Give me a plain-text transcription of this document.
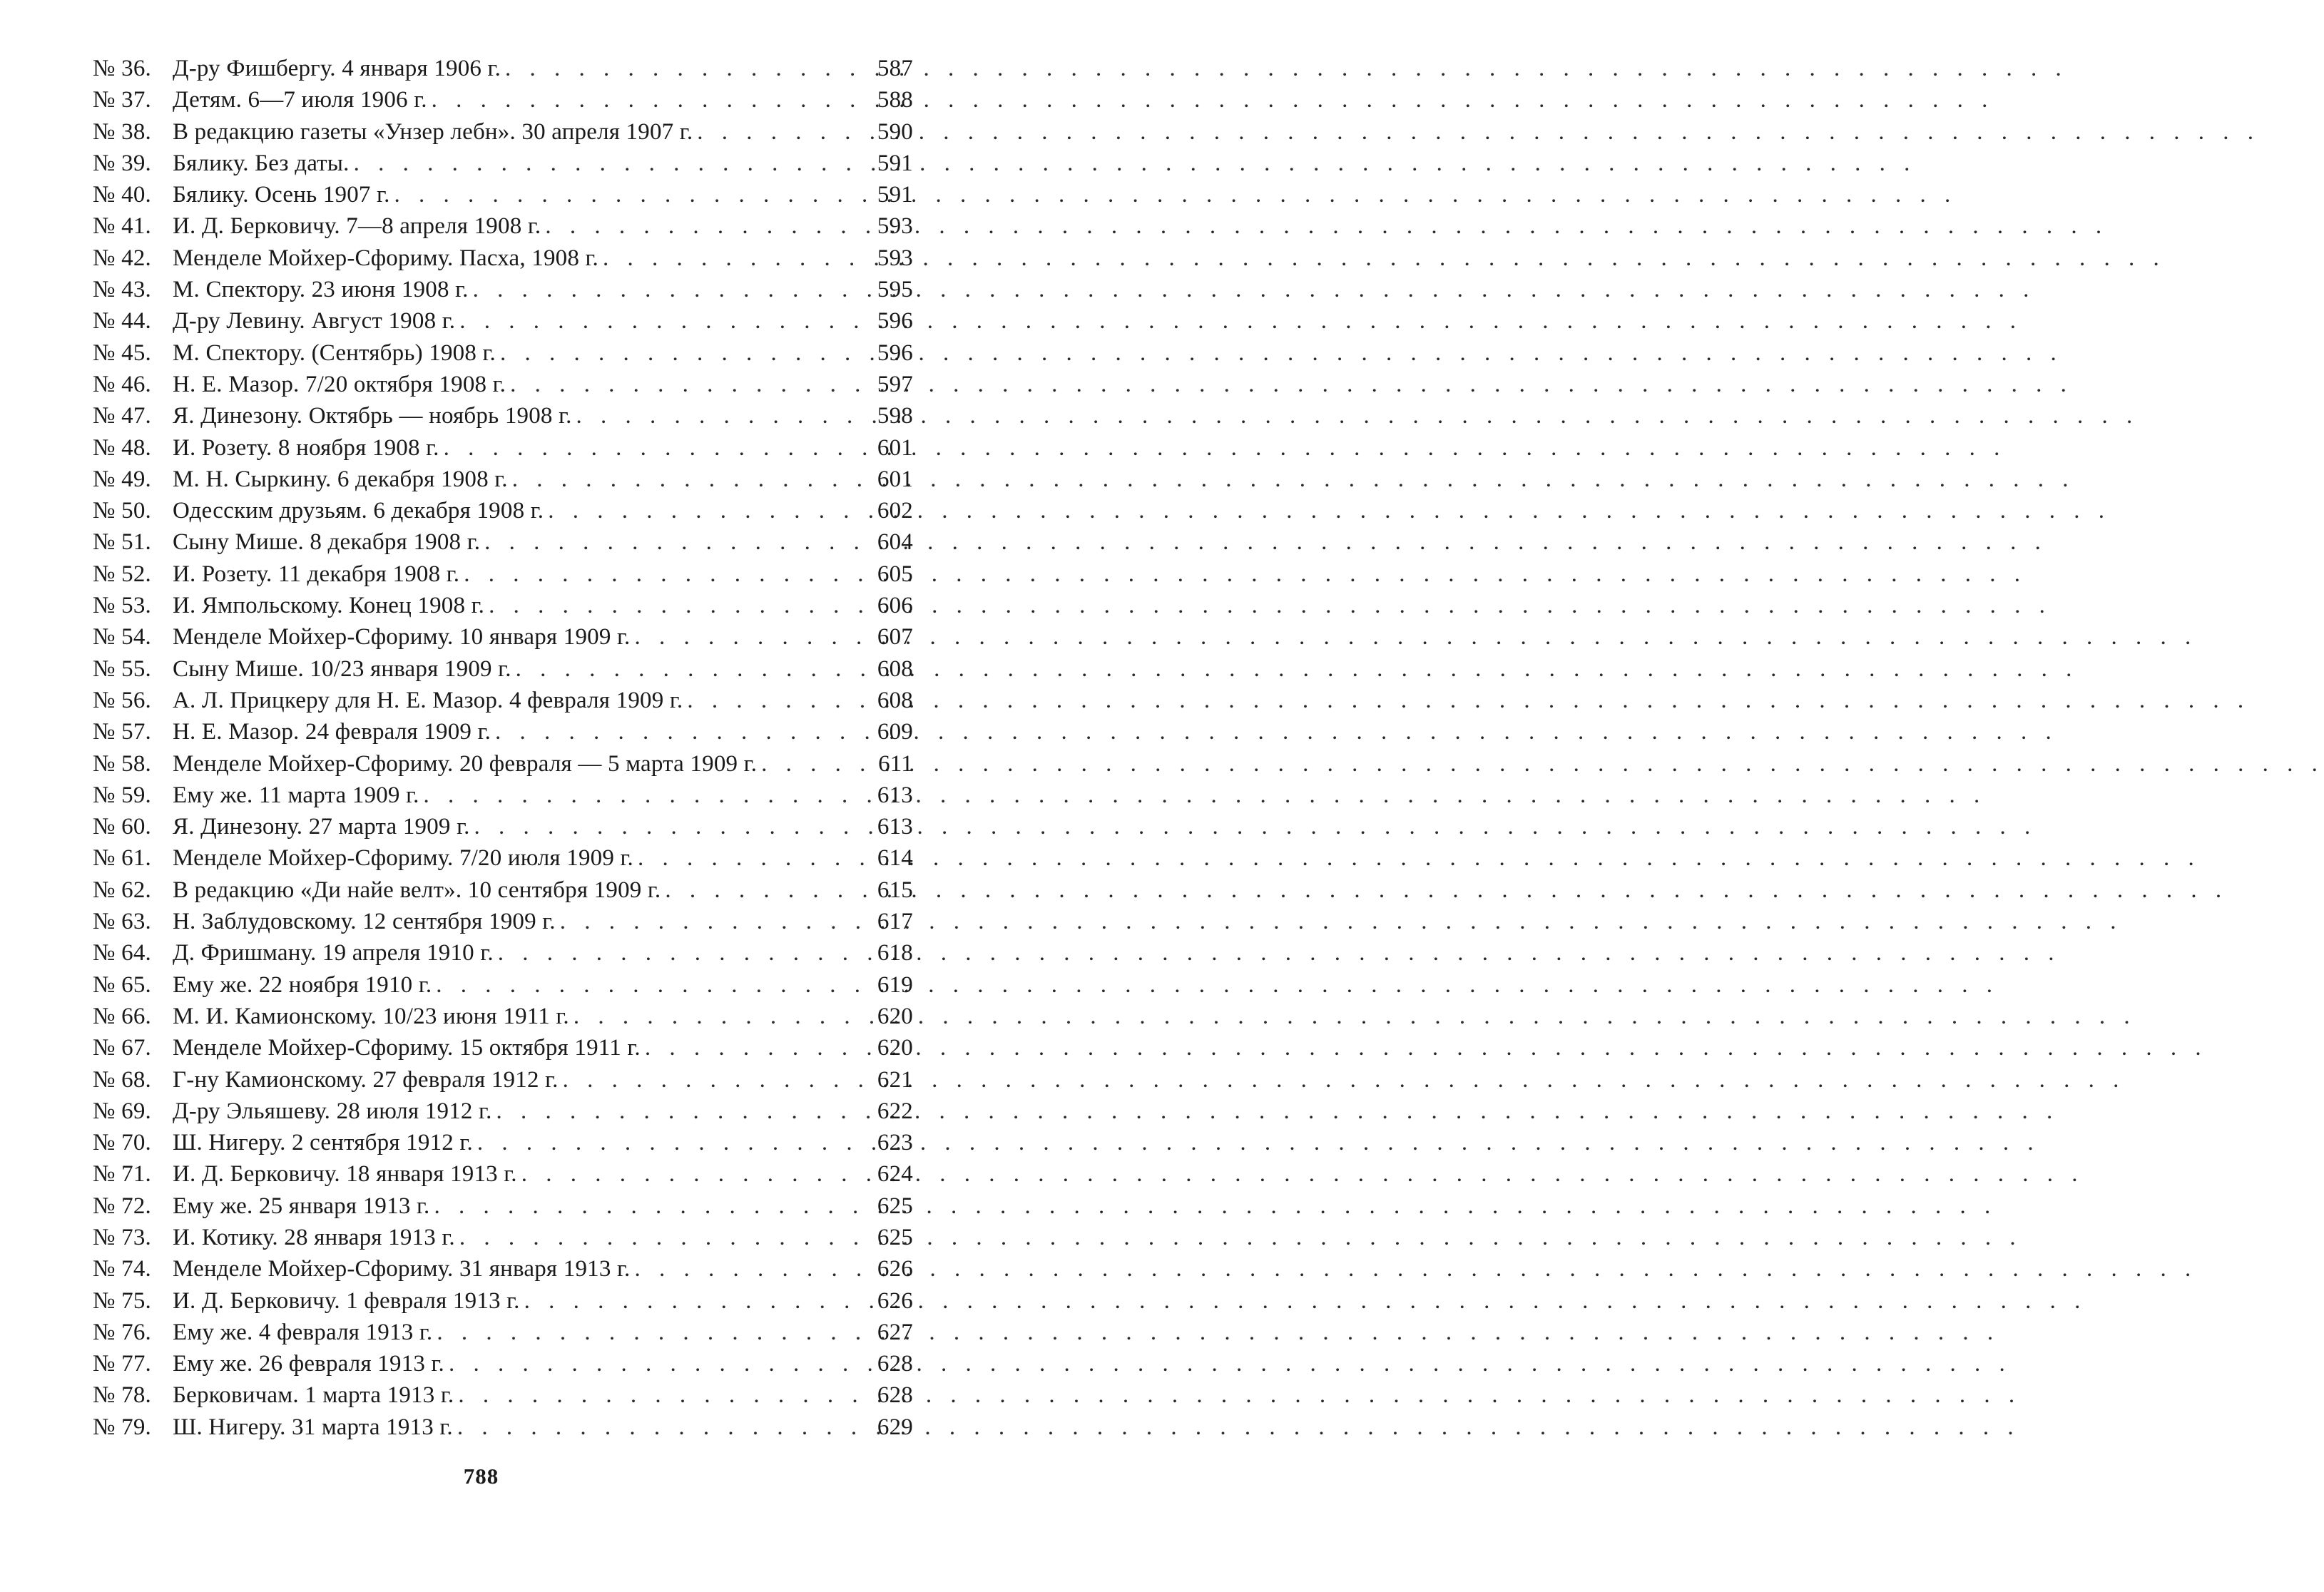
№ 36. Д-ру Фишбергу. 4 января 1906 г. . . .	587
№ 37. Детям. 6—7 июля 1906 г. . . .	588
№ 38. В редакцию газеты «Унзер лебн». 30 апреля 1907 г. . . .	590
№ 39. Бялику. Без даты. . . .	591
№ 40. Бялику. Осень 1907 г. . . .	591
№ 41. И. Д. Берковичу. 7—8 апреля 1908 г. . . .	593
№ 42. Менделе Мойхер-Сфориму. Пасха, 1908 г. . . .	593
№ 43. М. Спектору. 23 июня 1908 г. . . .	595
№ 44. Д-ру Левину. Август 1908 г. . . .	596
№ 45. М. Спектору. (Сентябрь) 1908 г. . . .	596
№ 46. Н. Е. Мазор. 7/20 октября 1908 г. . . .	597
№ 47. Я. Динезону. Октябрь — ноябрь 1908 г. . . .	598
№ 48. И. Розету. 8 ноября 1908 г. . . .	601
№ 49. М. Н. Сыркину. 6 декабря 1908 г. . . .	601
№ 50. Одесским друзьям. 6 декабря 1908 г. . . .	602
№ 51. Сыну Мише. 8 декабря 1908 г. . . .	604
№ 52. И. Розету. 11 декабря 1908 г. . . .	605
№ 53. И. Ямпольскому. Конец 1908 г. . . .	606
№ 54. Менделе Мойхер-Сфориму. 10 января 1909 г. . . .	607
№ 55. Сыну Мише. 10/23 января 1909 г. . . .	608
№ 56. А. Л. Прицкеру для Н. Е. Мазор. 4 февраля 1909 г. . . .	608
№ 57. Н. Е. Мазор. 24 февраля 1909 г. . . .	609
№ 58. Менделе Мойхер-Сфориму. 20 февраля — 5 марта 1909 г. . . .	611
№ 59. Ему же. 11 марта 1909 г. . . .	613
№ 60. Я. Динезону. 27 марта 1909 г. . . .	613
№ 61. Менделе Мойхер-Сфориму. 7/20 июля 1909 г. . . .	614
№ 62. В редакцию «Ди найе велт». 10 сентября 1909 г. . . .	615
№ 63. Н. Заблудовскому. 12 сентября 1909 г. . . .	617
№ 64. Д. Фришману. 19 апреля 1910 г. . . .	618
№ 65. Ему же. 22 ноября 1910 г. . . .	619
№ 66. М. И. Камионскому. 10/23 июня 1911 г. . . .	620
№ 67. Менделе Мойхер-Сфориму. 15 октября 1911 г. . . .	620
№ 68. Г-ну Камионскому. 27 февраля 1912 г. . . .	621
№ 69. Д-ру Эльяшеву. 28 июля 1912 г. . . .	622
№ 70. Ш. Нигеру. 2 сентября 1912 г. . . .	623
№ 71. И. Д. Берковичу. 18 января 1913 г. . . .	624
№ 72. Ему же. 25 января 1913 г. . . .	625
№ 73. И. Котику. 28 января 1913 г. . . .	625
№ 74. Менделе Мойхер-Сфориму. 31 января 1913 г. . . .	626
№ 75. И. Д. Берковичу. 1 февраля 1913 г. . . .	626
№ 76. Ему же. 4 февраля 1913 г. . . .	627
№ 77. Ему же. 26 февраля 1913 г. . . .	628
№ 78. Берковичам. 1 марта 1913 г. . . .	628
№ 79. Ш. Нигеру. 31 марта 1913 г. . . .	629
788
